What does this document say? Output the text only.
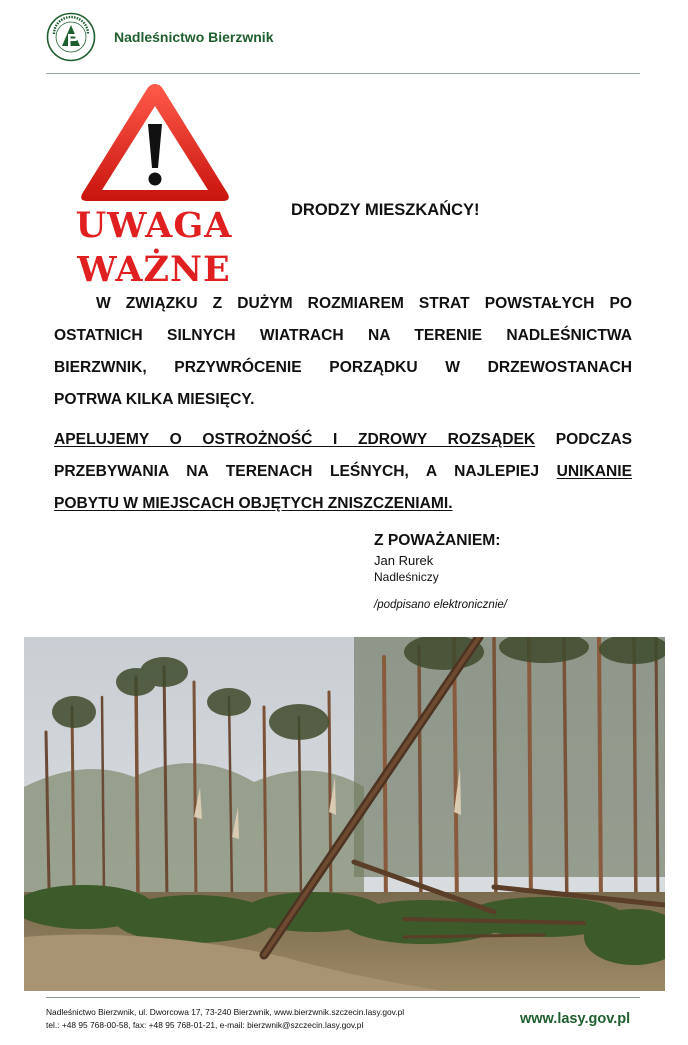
Nadleśnictwo Bierzwnik
UWAGA
WAŻNE
DRODZY MIESZKAŃCY!
W ZWIĄZKU Z DUŻYM ROZMIAREM STRAT POWSTAŁYCH PO
OSTATNICH SILNYCH WIATRACH NA TERENIE NADLEŚNICTWA
BIERZWNIK, PRZYWRÓCENIE PORZĄDKU W DRZEWOSTANACH
POTRWA KILKA MIESIĘCY.
APELUJEMY O OSTROŻNOŚĆ I ZDROWY ROZSĄDEK PODCZAS
PRZEBYWANIA NA TERENACH LEŚNYCH, A NAJLEPIEJ UNIKANIE
POBYTU W MIEJSCACH OBJĘTYCH ZNISZCZENIAMI.
Z POWAŻANIEM:
Jan Rurek
Nadleśniczy
/podpisano elektronicznie/
Nadleśnictwo Bierzwnik, ul. Dworcowa 17, 73-240 Bierzwnik, www.bierzwnik.szczecin.lasy.gov.pl
tel.: +48 95 768-00-58, fax: +48 95 768-01-21, e-mail: bierzwnik@szczecin.lasy.gov.pl	www.lasy.gov.pl
